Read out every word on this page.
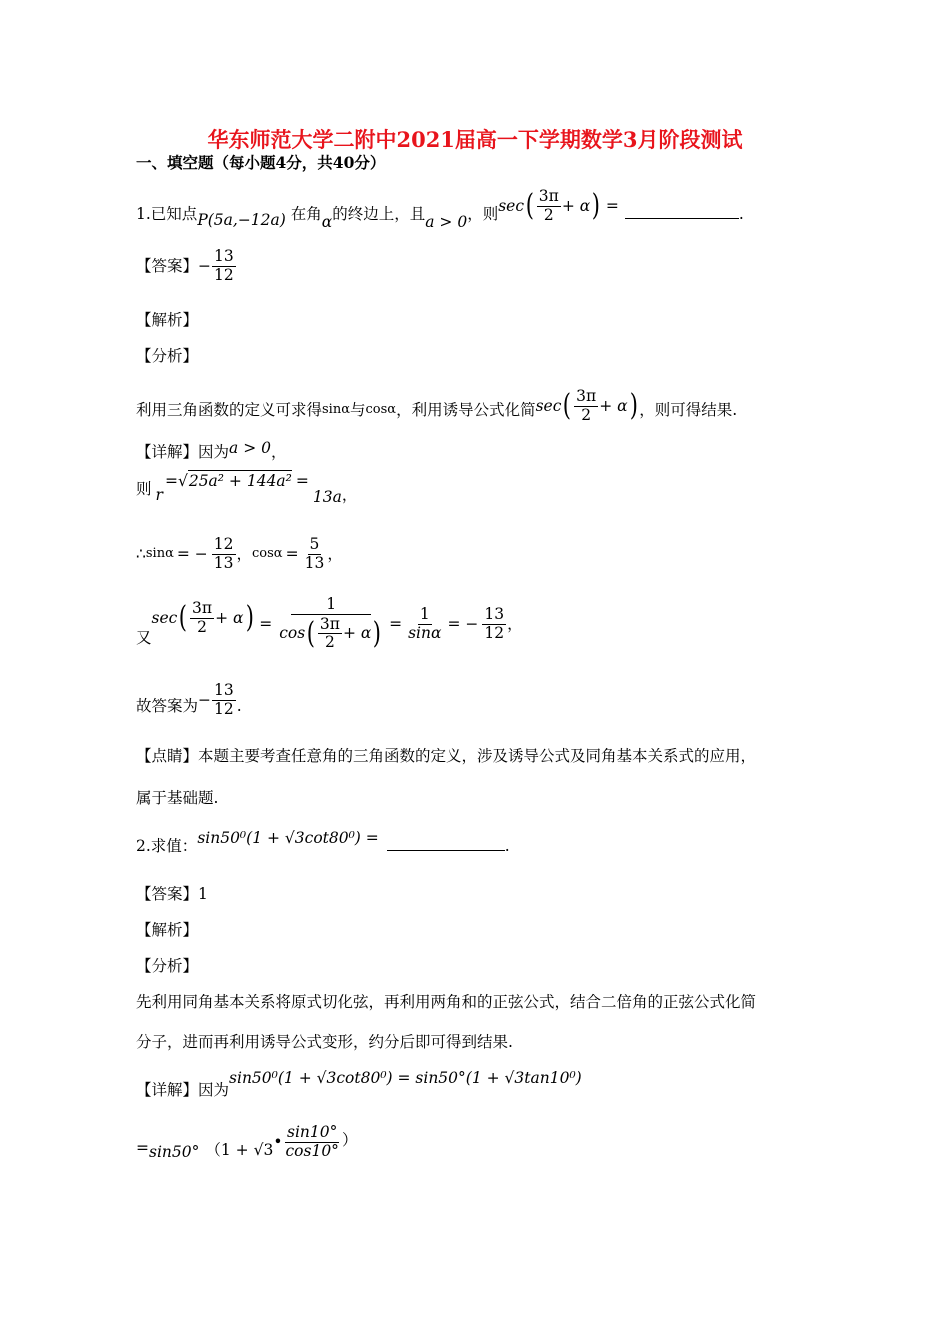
华东师范大学二附中2021届高一下学期数学3月阶段测试
一、填空题（每小题4分，共40分）
1.已知点P(5a,−12a) 在角α的终边上，且a > 0，则 sec ( $\frac{3\pi}{2} + \alpha$ ) =	.
【答案】 − $\frac{13}{12}$
【解析】
【分析】
利用三角函数的定义可求得 sinα 与 cosα ，利用诱导公式化简 sec ( $\frac{3\pi}{2} + \alpha$ ) ，则可得结果.
【详解】因为a > 0，
则 r
= √25a² + 144a² =
13a ，
∴ sinα = − $\frac{12}{13}$ ， $\cos\alpha = \frac{5}{13}$ ，
又
sec ( $\frac{3\pi}{2} + \alpha$ ) = $\frac{1}{\cos ( \frac{3\pi}{2} + \alpha )} = \frac{1}{\sin\alpha}$ = − $\frac{13}{12}$ ，
故答案为 − $\frac{13}{12}$ .
【点睛】本题主要考查任意角的三角函数的定义，涉及诱导公式及同角基本关系式的应用，
属于基础题.
2.求值：sin50⁰(1 + √3cot80⁰) =	.
【答案】1
【解析】
【分析】
先利用同角基本关系将原式切化弦，再利用两角和的正弦公式，结合二倍角的正弦公式化简
分子，进而再利用诱导公式变形，约分后即可得到结果.
【详解】因为sin50⁰(1 + √3cot80⁰) = sin50°(1 + √3tan10⁰)
= sin50° （1 + √3 • $\frac{\sin 10^\circ}{\cos 10^\circ}$ ）
